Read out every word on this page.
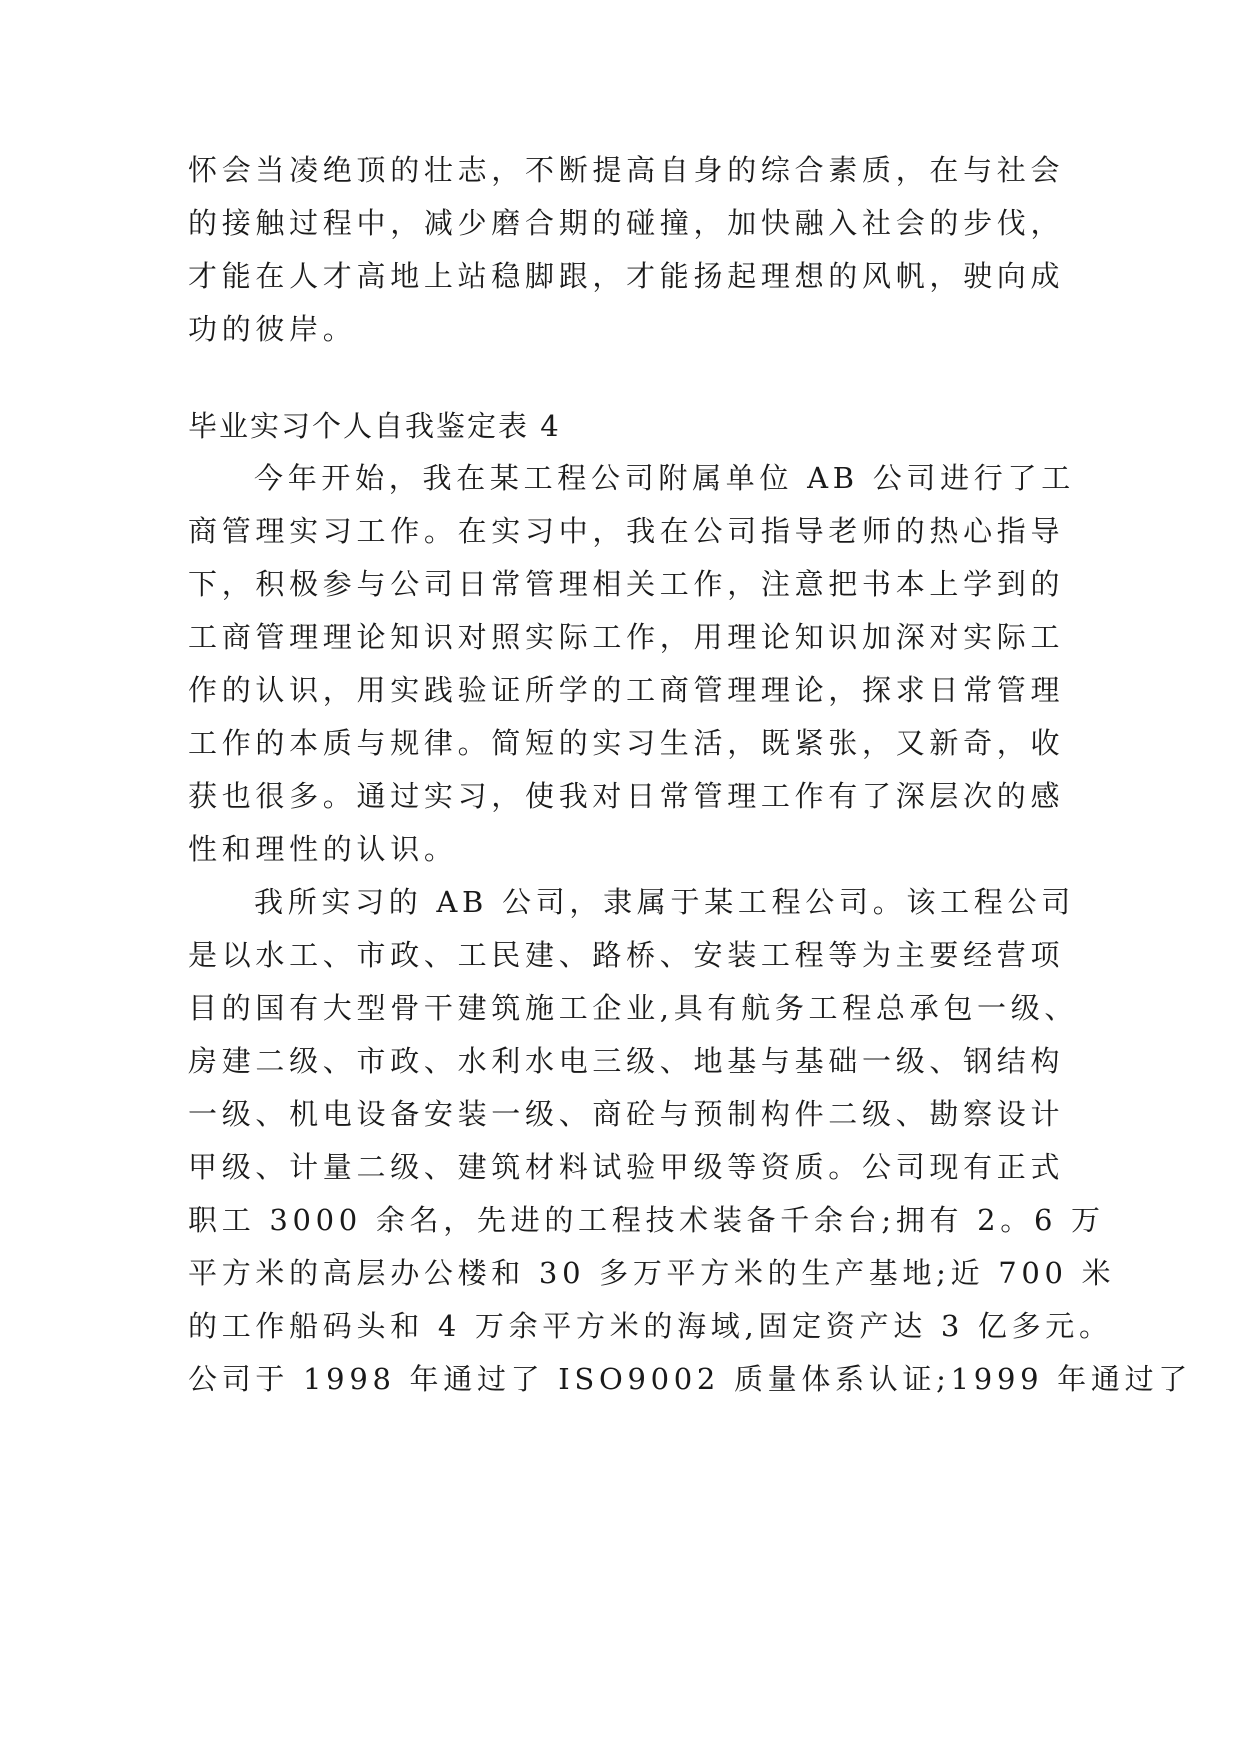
怀会当凌绝顶的壮志，不断提高自身的综合素质，在与社会
的接触过程中，减少磨合期的碰撞，加快融入社会的步伐，
才能在人才高地上站稳脚跟，才能扬起理想的风帆，驶向成
功的彼岸。
毕业实习个人自我鉴定表 4
今年开始，我在某工程公司附属单位 AB 公司进行了工
商管理实习工作。在实习中，我在公司指导老师的热心指导
下，积极参与公司日常管理相关工作，注意把书本上学到的
工商管理理论知识对照实际工作，用理论知识加深对实际工
作的认识，用实践验证所学的工商管理理论，探求日常管理
工作的本质与规律。简短的实习生活，既紧张，又新奇，收
获也很多。通过实习，使我对日常管理工作有了深层次的感
性和理性的认识。
我所实习的 AB 公司，隶属于某工程公司。该工程公司
是以水工、市政、工民建、路桥、安装工程等为主要经营项
目的国有大型骨干建筑施工企业,具有航务工程总承包一级、
房建二级、市政、水利水电三级、地基与基础一级、钢结构
一级、机电设备安装一级、商砼与预制构件二级、勘察设计
甲级、计量二级、建筑材料试验甲级等资质。公司现有正式
职工 3000 余名，先进的工程技术装备千余台;拥有 2。6 万
平方米的高层办公楼和 30 多万平方米的生产基地;近 700 米
的工作船码头和 4 万余平方米的海域,固定资产达 3 亿多元。
公司于 1998 年通过了 ISO9002 质量体系认证;1999 年通过了
